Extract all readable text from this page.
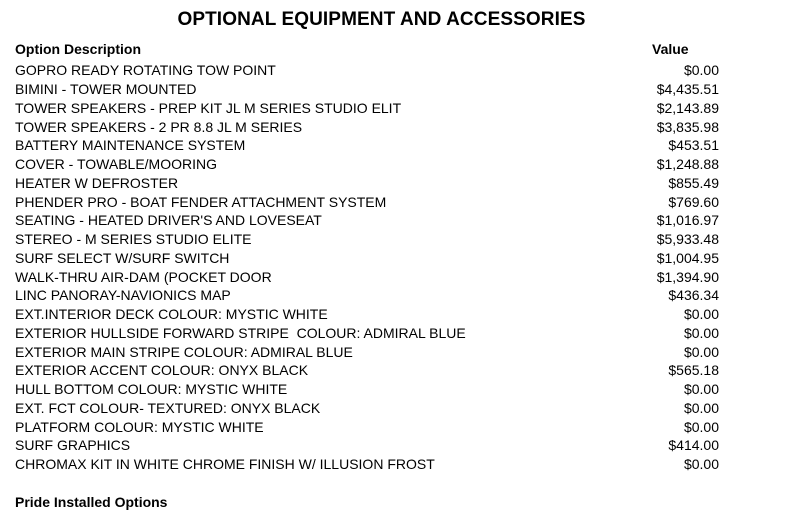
OPTIONAL EQUIPMENT AND ACCESSORIES
Option Description	Value
GOPRO READY ROTATING TOW POINT	$0.00
BIMINI - TOWER MOUNTED	$4,435.51
TOWER SPEAKERS - PREP KIT JL M SERIES STUDIO ELIT	$2,143.89
TOWER SPEAKERS - 2 PR 8.8 JL M SERIES	$3,835.98
BATTERY MAINTENANCE SYSTEM	$453.51
COVER - TOWABLE/MOORING	$1,248.88
HEATER W DEFROSTER	$855.49
PHENDER PRO - BOAT FENDER ATTACHMENT SYSTEM	$769.60
SEATING - HEATED DRIVER'S AND LOVESEAT	$1,016.97
STEREO - M SERIES STUDIO ELITE	$5,933.48
SURF SELECT W/SURF SWITCH	$1,004.95
WALK-THRU AIR-DAM (POCKET DOOR	$1,394.90
LINC PANORAY-NAVIONICS MAP	$436.34
EXT.INTERIOR DECK COLOUR: MYSTIC WHITE	$0.00
EXTERIOR HULLSIDE FORWARD STRIPE  COLOUR: ADMIRAL BLUE	$0.00
EXTERIOR MAIN STRIPE COLOUR: ADMIRAL BLUE	$0.00
EXTERIOR ACCENT COLOUR: ONYX BLACK	$565.18
HULL BOTTOM COLOUR: MYSTIC WHITE	$0.00
EXT. FCT COLOUR- TEXTURED: ONYX BLACK	$0.00
PLATFORM COLOUR: MYSTIC WHITE	$0.00
SURF GRAPHICS	$414.00
CHROMAX KIT IN WHITE CHROME FINISH W/ ILLUSION FROST	$0.00
Pride Installed Options
